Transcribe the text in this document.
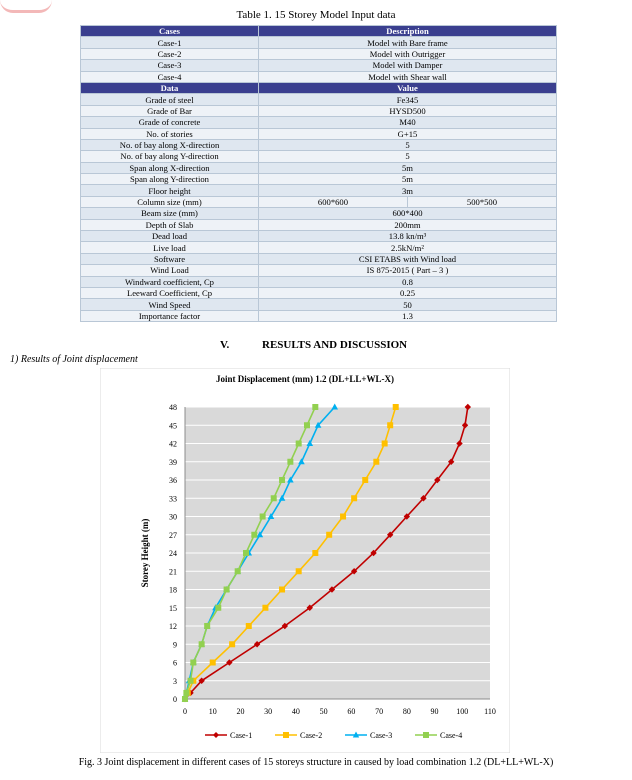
Table 1. 15 Storey Model Input data
Cases	Description	
Case-1	Model with Bare frame	
Case-2	Model with Outrigger	
Case-3	Model with Damper	
Case-4	Model with Shear wall	
Data	Value	
Grade of steel	Fe345	
Grade of Bar	HYSD500	
Grade of concrete	M40	
No. of stories	G+15	
No. of bay along X-direction	5	
No. of bay along Y-direction	5	
Span along X-direction	5m	
Span along Y-direction	5m	
Floor height	3m	
Column size (mm)	600*600	500*500
Beam size (mm)	600*400	
Depth of Slab	200mm	
Dead load	13.8 kn/m³	
Live load	2.5kN/m²	
Software	CSI ETABS with Wind load	
Wind Load	IS 875-2015 ( Part – 3 )	
Windward coefficient, Cp	0.8	
Leeward Coefficient, Cp	0.25	
Wind Speed	50	
Importance factor	1.3	
V.	RESULTS AND DISCUSSION
1) Results of Joint displacement
Joint Displacement (mm) 1.2 (DL+LL+WL-X)
Storey Height (m)
0
3
6
9
12
15
18
21
24
27
30
33
36
39
42
45
48
0	10 20 30 40 50 60 70 80 90 100 110
Case-1	Case-2	Case-3	Case-4
Fig. 3 Joint displacement in different cases of 15 storeys structure in caused by load combination 1.2 (DL+LL+WL-X)
